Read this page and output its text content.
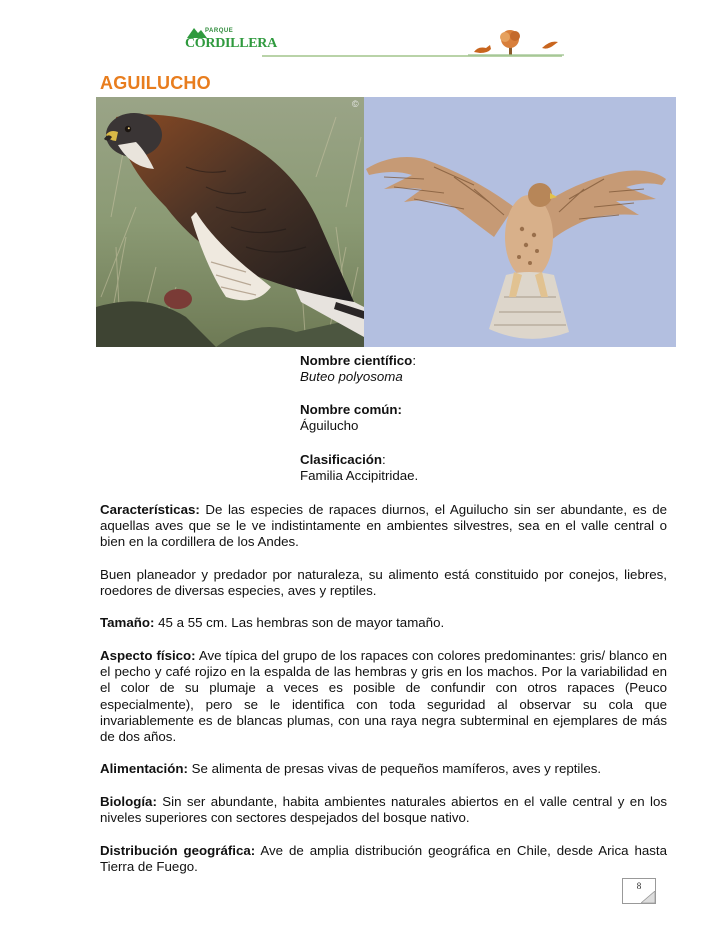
PARQUE
CORDILLERA
AGUILUCHO
©
Nombre científico:
Buteo polyosoma
Nombre común:
Águilucho
Clasificación:
Familia Accipitridae.
Características: De las especies de rapaces diurnos, el Aguilucho sin ser abundante, es de aquellas aves que se le ve indistintamente en ambientes silvestres, sea en el valle central o bien en la cordillera de los Andes.
Buen planeador y predador por naturaleza, su alimento está constituido por conejos, liebres, roedores de diversas especies, aves y reptiles.
Tamaño: 45 a 55 cm. Las hembras son de mayor tamaño.
Aspecto físico: Ave típica del grupo de los rapaces con colores predominantes: gris/ blanco en el pecho y café rojizo en la espalda de las hembras y gris en los machos. Por la variabilidad en el color de su plumaje a veces es posible de confundir con otros rapaces (Peuco especialmente), pero se le identifica con toda seguridad al observar su cola que invariablemente es de blancas plumas, con una raya negra subterminal en ejemplares de más de dos años.
Alimentación: Se alimenta de presas vivas de pequeños mamíferos, aves y reptiles.
Biología: Sin ser abundante, habita ambientes naturales abiertos en el valle central y en los niveles superiores con sectores despejados del bosque nativo.
Distribución geográfica: Ave de amplia distribución geográfica en Chile, desde Arica hasta Tierra de Fuego.
8
